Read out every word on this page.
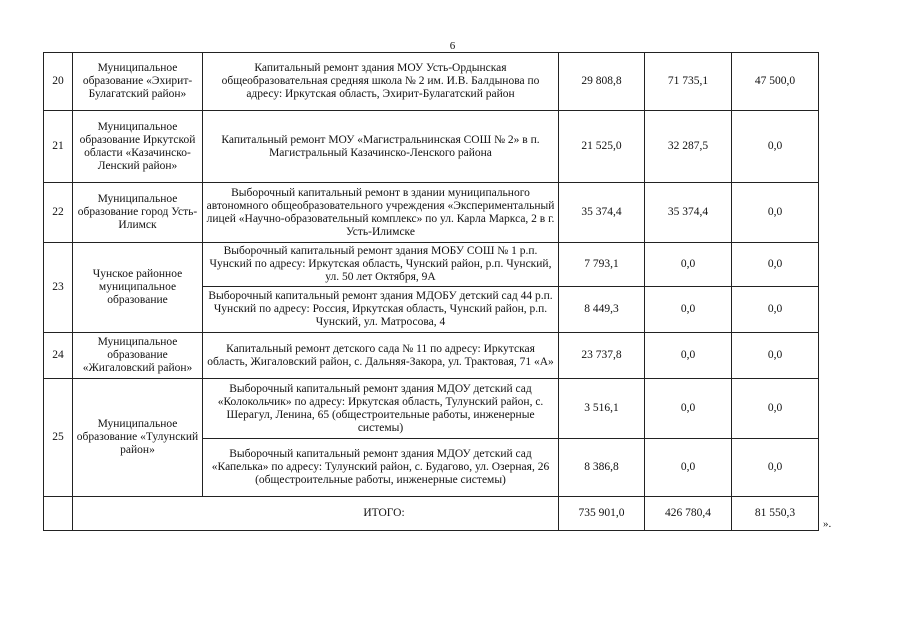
6
20	Муниципальное образование «Эхирит-Булагатский район»	Капитальный ремонт здания МОУ Усть-Ордынская общеобразовательная средняя школа № 2 им. И.В. Балдынова по адресу: Иркутская область, Эхирит-Булагатский район	29 808,8	71 735,1	47 500,0
21	Муниципальное образование Иркутской области «Казачинско-Ленский район»	Капитальный ремонт МОУ «Магистральнинская СОШ № 2» в п. Магистральный Казачинско-Ленского района	21 525,0	32 287,5	0,0
22	Муниципальное образование город Усть-Илимск	Выборочный капитальный ремонт в здании муниципального автономного общеобразовательного учреждения «Экспериментальный лицей «Научно-образовательный комплекс» по ул. Карла Маркса, 2 в г. Усть-Илимске	35 374,4	35 374,4	0,0
23	Чунское районное муниципальное образование	Выборочный капитальный ремонт здания МОБУ СОШ № 1 р.п. Чунский по адресу: Иркутская область, Чунский район, р.п. Чунский, ул. 50 лет Октября, 9А	7 793,1	0,0	0,0
		Выборочный капитальный ремонт здания МДОБУ детский сад 44 р.п. Чунский по адресу: Россия, Иркутская область, Чунский район, р.п. Чунский, ул. Матросова, 4	8 449,3	0,0	0,0
24	Муниципальное образование «Жигаловский район»	Капитальный ремонт детского сада № 11 по адресу: Иркутская область, Жигаловский район, с. Дальняя-Закора, ул. Трактовая, 71 «А»	23 737,8	0,0	0,0
25	Муниципальное образование «Тулунский район»	Выборочный капитальный ремонт здания МДОУ детский сад «Колокольчик» по адресу: Иркутская область, Тулунский район, с. Шерагул, Ленина, 65 (общестроительные работы, инженерные системы)	3 516,1	0,0	0,0
		Выборочный капитальный ремонт здания МДОУ детский сад «Капелька» по адресу: Тулунский район, с. Будагово, ул. Озерная, 26 (общестроительные работы, инженерные системы)	8 386,8	0,0	0,0
	ИТОГО:		735 901,0	426 780,4	81 550,3
».
